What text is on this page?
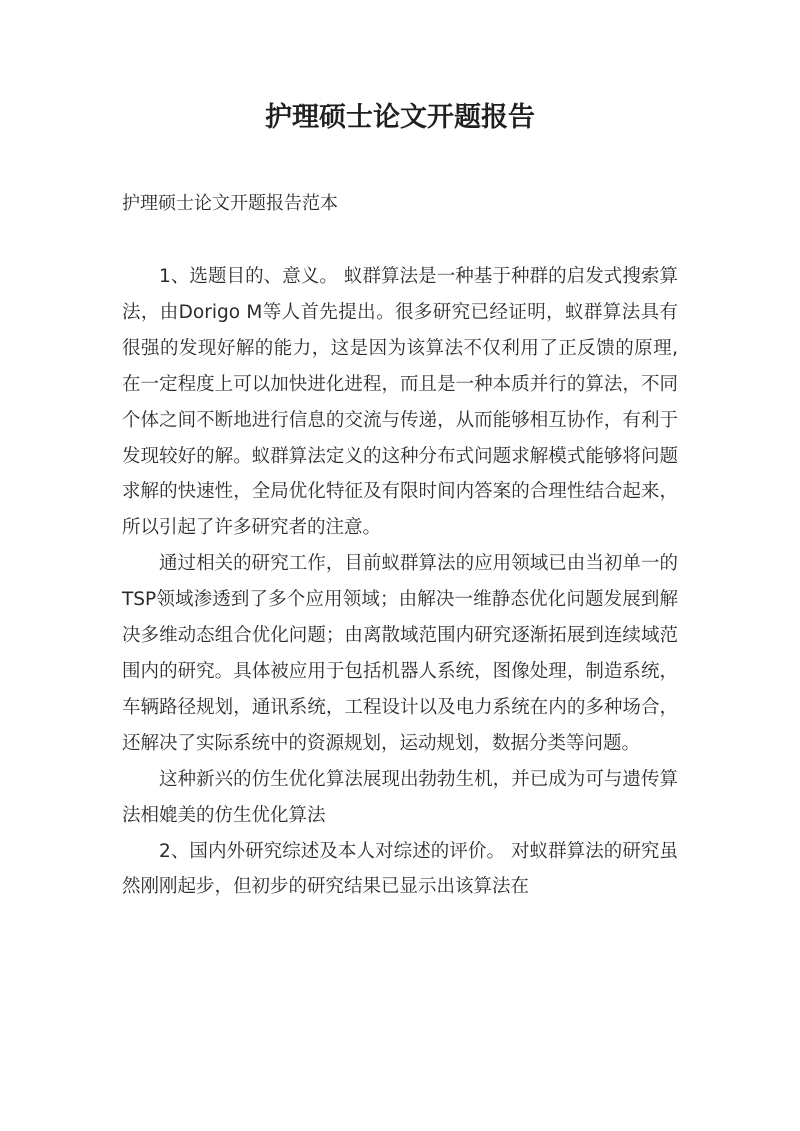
护理硕士论文开题报告
护理硕士论文开题报告范本

1、选题目的、意义。 蚁群算法是一种基于种群的启发式搜索算法，由Dorigo M等人首先提出。很多研究已经证明，蚁群算法具有很强的发现好解的能力，这是因为该算法不仅利用了正反馈的原理,在一定程度上可以加快进化进程，而且是一种本质并行的算法，不同个体之间不断地进行信息的交流与传递，从而能够相互协作，有利于发现较好的解。蚁群算法定义的这种分布式问题求解模式能够将问题求解的快速性，全局优化特征及有限时间内答案的合理性结合起来，所以引起了许多研究者的注意。

通过相关的研究工作，目前蚁群算法的应用领域已由当初单一的TSP领域渗透到了多个应用领域；由解决一维静态优化问题发展到解决多维动态组合优化问题；由离散域范围内研究逐渐拓展到连续域范围内的研究。具体被应用于包括机器人系统，图像处理，制造系统，车辆路径规划，通讯系统，工程设计以及电力系统在内的多种场合，还解决了实际系统中的资源规划，运动规划，数据分类等问题。

这种新兴的仿生优化算法展现出勃勃生机，并已成为可与遗传算法相媲美的仿生优化算法

2、国内外研究综述及本人对综述的评价。 对蚁群算法的研究虽然刚刚起步，但初步的研究结果已显示出该算法在
